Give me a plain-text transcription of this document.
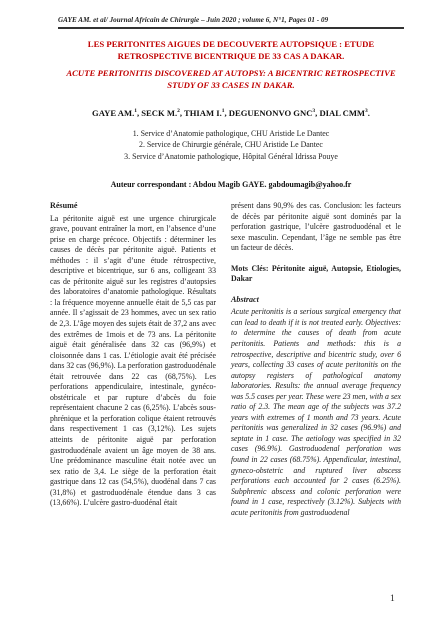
GAYE AM. et al/ Journal Africain de Chirurgie – Juin 2020 ; volume 6, N°1, Pages 01 - 09
LES PERITONITES AIGUES DE DECOUVERTE AUTOPSIQUE : ETUDE RETROSPECTIVE BICENTRIQUE DE 33 CAS A DAKAR.
ACUTE PERITONITIS DISCOVERED AT AUTOPSY: A BICENTRIC RETROSPECTIVE STUDY OF 33 CASES IN DAKAR.
GAYE AM.$^1$, SECK M.$^2$, THIAM I.$^1$, DEGUENONVO GNC$^3$, DIAL CMM$^3$.
1. Service d’Anatomie pathologique, CHU Aristide Le Dantec
2. Service de Chirurgie générale, CHU Aristide Le Dantec
3. Service d’Anatomie pathologique, Hôpital Général Idrissa Pouye
Auteur correspondant : Abdou Magib GAYE. gabdoumagib@yahoo.fr
Résumé
La péritonite aiguë est une urgence chirurgicale grave, pouvant entraîner la mort, en l’absence d’une prise en charge précoce. Objectifs : déterminer les causes de décès par péritonite aiguë. Patients et méthodes : il s’agit d’une étude rétrospective, descriptive et bicentrique, sur 6 ans, colligeant 33 cas de péritonite aiguë sur les registres d’autopsies des laboratoires d’anatomie pathologique. Résultats : la fréquence moyenne annuelle était de 5,5 cas par année. Il s’agissait de 23 hommes, avec un sex ratio de 2,3. L’âge moyen des sujets était de 37,2 ans avec des extrêmes de 1mois et de 73 ans. La péritonite aiguë était généralisée dans 32 cas (96,9%) et cloisonnée dans 1 cas. L’étiologie avait été précisée dans 32 cas (96,9%). La perforation gastroduodénale était retrouvée dans 22 cas (68,75%). Les perforations appendiculaire, intestinale, gynéco-obstétricale et par rupture d’abcès du foie représentaient chacune 2 cas (6,25%). L’abcès sous-phrénique et la perforation colique étaient retrouvés dans respectivement 1 cas (3,12%). Les sujets atteints de péritonite aiguë par perforation gastroduodénale avaient un âge moyen de 38 ans. Une prédominance masculine était notée avec un sex ratio de 3,4. Le siège de la perforation était gastrique dans 12 cas (54,5%), duodénal dans 7 cas (31,8%) et gastroduodénale étendue dans 3 cas (13,66%). L’ulcère gastro-duodénal était
présent dans 90,9% des cas. Conclusion: les facteurs de décès par péritonite aiguë sont dominés par la perforation gastrique, l’ulcère gastroduodénal et le sexe masculin. Cependant, l’âge ne semble pas être un facteur de décès.
Mots Clés: Péritonite aiguë, Autopsie, Etiologies, Dakar
Abstract
Acute peritonitis is a serious surgical emergency that can lead to death if it is not treated early. Objectives: to determine the causes of death from acute peritonitis. Patients and methods: this is a retrospective, descriptive and bicentric study, over 6 years, collecting 33 cases of acute peritonitis on the autopsy registers of pathological anatomy laboratories. Results: the annual average frequency was 5.5 cases per year. These were 23 men, with a sex ratio of 2.3. The mean age of the subjects was 37.2 years with extremes of 1 month and 73 years. Acute peritonitis was generalized in 32 cases (96.9%) and septate in 1 case. The aetiology was specified in 32 cases (96.9%). Gastroduodenal perforation was found in 22 cases (68.75%). Appendicular, intestinal, gyneco-obstetric and ruptured liver abscess perforations each accounted for 2 cases (6.25%). Subphrenic abscess and colonic perforation were found in 1 case, respectively (3.12%). Subjects with acute peritonitis from gastroduodenal
1
